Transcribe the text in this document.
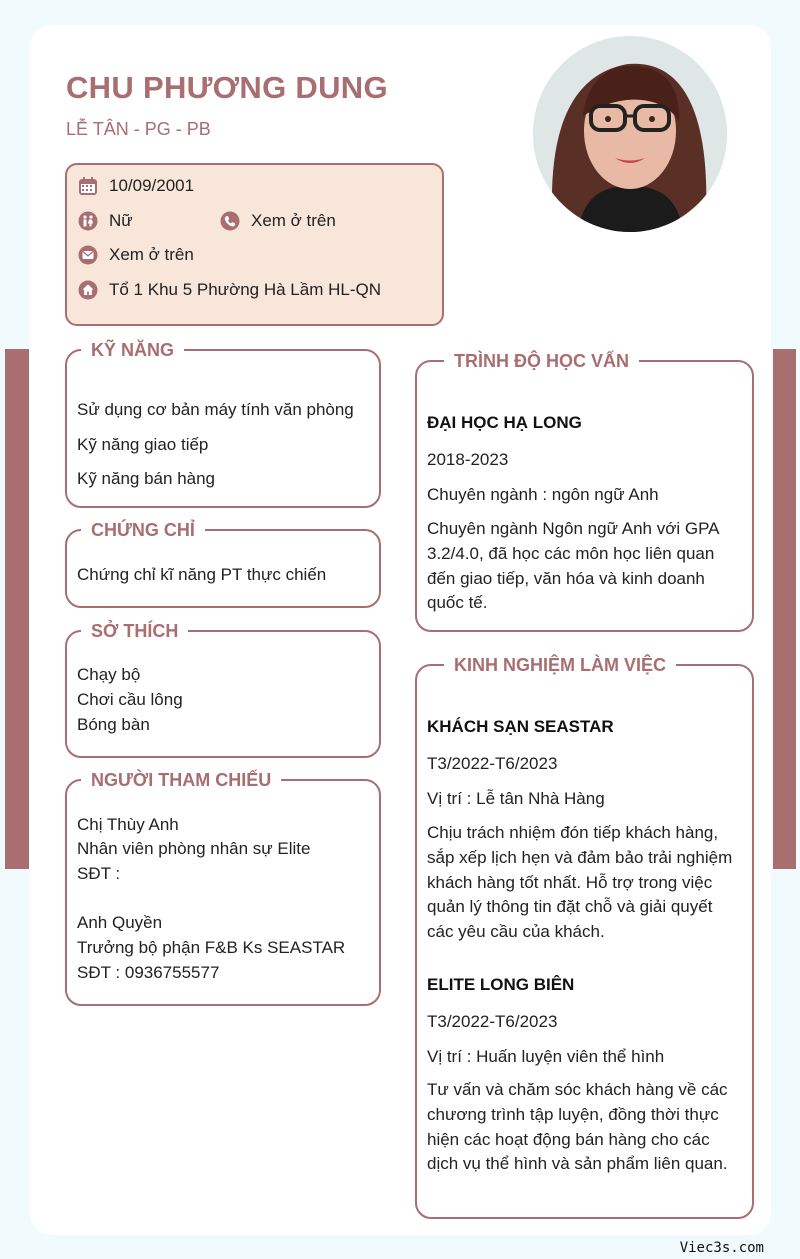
CHU PHƯƠNG DUNG
LỄ TÂN - PG - PB
10/09/2001
Nữ	Xem ở trên
Xem ở trên
Tổ 1 Khu 5 Phường Hà Lầm HL-QN
KỸ NĂNG
Sử dụng cơ bản máy tính văn phòng
Kỹ năng giao tiếp
Kỹ năng bán hàng
CHỨNG CHỈ
Chứng chỉ kĩ năng PT thực chiến
SỞ THÍCH
Chạy bộ
Chơi cầu lông
Bóng bàn
NGƯỜI THAM CHIẾU
Chị Thùy Anh
Nhân viên phòng nhân sự Elite
SĐT :
Anh Quyền
Trưởng bộ phận F&B Ks SEASTAR
SĐT : 0936755577
TRÌNH ĐỘ HỌC VẤN
ĐẠI HỌC HẠ LONG
2018-2023
Chuyên ngành : ngôn ngữ Anh
Chuyên ngành Ngôn ngữ Anh với GPA 3.2/4.0, đã học các môn học liên quan đến giao tiếp, văn hóa và kinh doanh quốc tế.
KINH NGHIỆM LÀM VIỆC
KHÁCH SẠN SEASTAR
T3/2022-T6/2023
Vị trí : Lễ tân Nhà Hàng
Chịu trách nhiệm đón tiếp khách hàng, sắp xếp lịch hẹn và đảm bảo trải nghiệm khách hàng tốt nhất. Hỗ trợ trong việc quản lý thông tin đặt chỗ và giải quyết các yêu cầu của khách.
ELITE LONG BIÊN
T3/2022-T6/2023
Vị trí : Huấn luyện viên thể hình
Tư vấn và chăm sóc khách hàng về các chương trình tập luyện, đồng thời thực hiện các hoạt động bán hàng cho các dịch vụ thể hình và sản phẩm liên quan.
Viec3s.com
